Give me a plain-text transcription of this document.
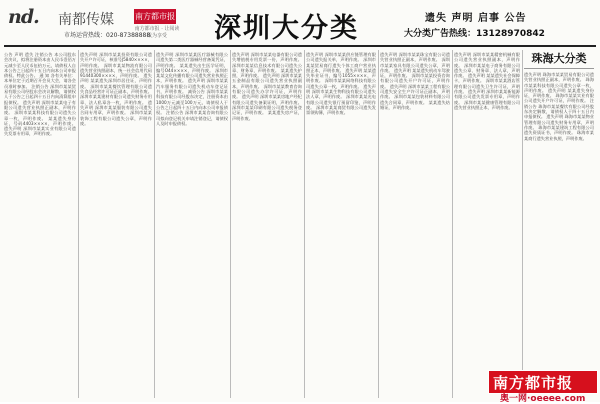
nd. 南都传媒	南方都市报
南方都市报 · 让阅读成为享受
市场运营热线：020-87388888 深圳大分类	遗失 声明 启事 公告
大分类广告热线：13128970842
公告 声明 遗失 注销公告 本公司股东会决议，拟将注册资本由人民币壹佰万元减少至人民币伍拾万元，请债权人自本公告之日起四十五日内向本公司申报债权。特此公告。 通 知 各有关单位：本单位定于近期召开会员大会，请各会员准时参加。 注销公告 深圳市某某贸易有限公司经股东会决议解散，请债权人于公告之日起四十五日内向清算组申报债权。 遗失声明 深圳市某某电子有限公司遗失营业执照正副本，声明作废。 深圳市某某科技有限公司遗失公章一枚，声明作废。 某某遗失身份证，号码4403××××，声明作废。 遗失声明 深圳市某某实业有限公司遗失发票专用章，声明作废。
遗失声明 深圳市某某投资有限公司遗失开户许可证，核准号J5840××××，声明作废。 深圳市某某物流有限公司遗失营业执照副本，统一社会信用代码91440300××××，声明作废。 遗失声明 某某遗失深圳市居住证，声明作废。 深圳市某某餐饮管理有限公司遗失食品经营许可证正副本，声明作废。 深圳市某某建材有限公司遗失财务专用章、法人私章各一枚，声明作废。 遗失声明 深圳市某某服装有限公司遗失合同专用章，声明作废。 深圳市某某装饰工程有限公司遗失公章，声明作废。
遗失声明 深圳市某某医疗器械有限公司遗失第二类医疗器械经营备案凭证，声明作废。 某某遗失出生医学证明，编号O44××××，声明作废。 深圳市某某文化传播有限公司遗失营业执照正本，声明作废。 遗失声明 深圳市某某汽车服务有限公司遗失机动车登记证书，声明作废。 减资公告 深圳市某某科技有限公司经股东决定，注册资本由1000万元减至100万元，请债权人于公告之日起四十五日内向本公司申报债权。 注销公告 深圳市某某咨询有限公司拟向登记机关申请注销登记，请债权人及时申报债权。
遗失声明 深圳市某某电器有限公司遗失增值税专用发票一份，声明作废。 深圳市某某信息技术有限公司遗失公章、财务章，声明作废。 某某遗失护照，声明作废。 遗失声明 深圳市某某五金制品有限公司遗失营业执照副本，声明作废。 深圳市某某教育咨询有限公司遗失办学许可证，声明作废。 遗失声明 深圳市某某房地产经纪有限公司遗失备案证明，声明作废。 深圳市某某印刷有限公司遗失税务登记证，声明作废。 某某遗失房产证，声明作废。
遗失声明 深圳市某某供应链管理有限公司遗失报关单，声明作废。 深圳市某某贸易商行遗失个体工商户营业执照正本，声明作废。 遗失声明 某某遗失毕业证书，编号1055××××，声明作废。 深圳市某某网络科技有限公司遗失公章一枚，声明作废。 遗失声明 深圳市某某生物科技有限公司遗失法人章，声明作废。 深圳市某某光电有限公司遗失银行预留印鉴，声明作废。 深圳市某某商贸有限公司遗失发票领购簿，声明作废。
遗失声明 深圳市某某珠宝有限公司遗失营业执照正副本，声明作废。 深圳市某某家具有限公司遗失公章，声明作废。 遗失声明 某某遗失机动车驾驶证，声明作废。 深圳市某某投资咨询有限公司遗失开户许可证，声明作废。 遗失声明 深圳市某某工程有限公司遗失安全生产许可证正副本，声明作废。 深圳市某某包装材料有限公司遗失合同章，声明作废。 某某遗失结婚证，声明作废。
遗失声明 深圳市某某精密机械有限公司遗失营业执照副本，声明作废。 深圳市某某电子商务有限公司遗失公章、财务章、法人章，声明作废。 遗失声明 某某遗失社会保障卡，声明作废。 深圳市某某酒店管理有限公司遗失卫生许可证，声明作废。 遗失声明 深圳市某某新能源有限公司遗失发票专用章，声明作废。 深圳市某某健康管理有限公司遗失营业执照正本，声明作废。
珠海大分类
遗失声明 珠海市某某贸易有限公司遗失营业执照正副本，声明作废。 珠海市某某科技有限公司遗失公章一枚，声明作废。 遗失声明 某某遗失身份证，声明作废。 珠海市某某实业有限公司遗失开户许可证，声明作废。 注销公告 珠海市某某餐饮有限公司经股东决定解散，请债权人于四十五日内申报债权。 遗失声明 珠海市某某物业管理有限公司遗失财务专用章，声明作废。 珠海市某某建筑工程有限公司遗失资质证书，声明作废。 珠海市某某商行遗失营业执照，声明作废。
南方都市报
奥一网·oeeee.com
